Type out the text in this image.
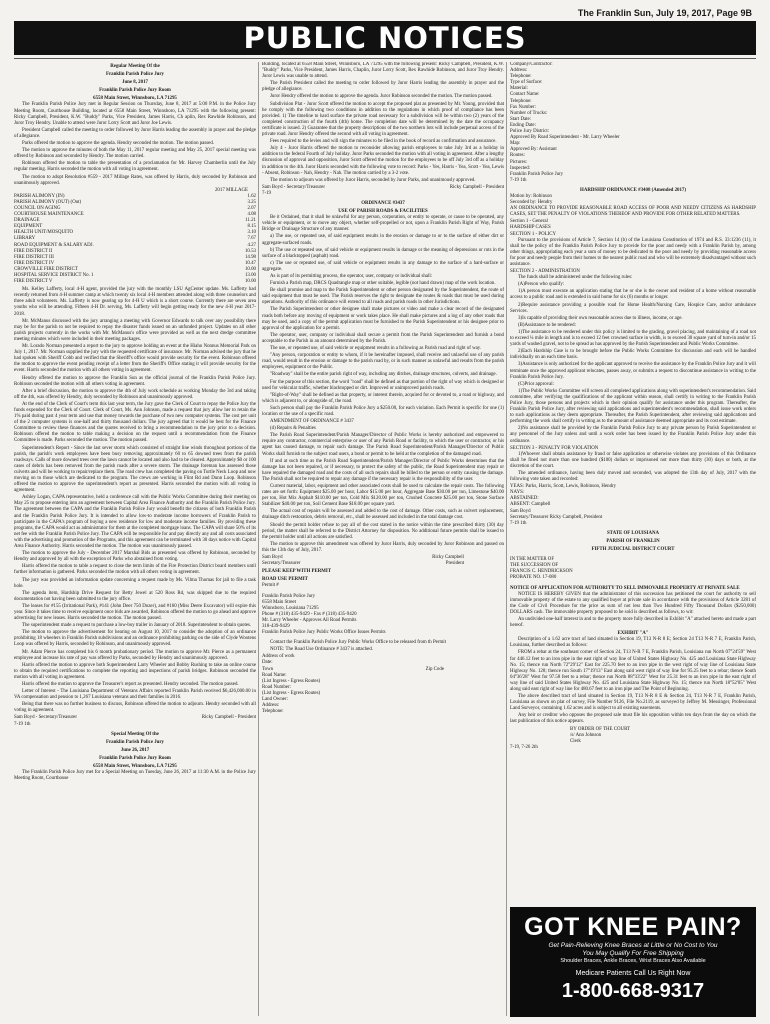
The Franklin Sun, July 19, 2017, Page 9B
PUBLIC NOTICES
Regular Meeting Of the
Franklin Parish Police Jury
June 8, 2017
Franklin Parish Police Jury Room
6558 Main Street, Winnsboro, LA 71295

The Franklin Parish Police Jury met in Regular Session on Thursday, June 8, 2017 at 5:00 P.M. in the Police Jury Meeting Room, Courthouse Building, located at 6558 Main Street, Winnsboro, LA 71295 with the following present: Ricky Campbell, President, K.W. "Buddy" Parks, Vice President, James Harris, Ch aplin, Rex Rawhide Robinson, and Juror Troy Hendry. Unable to attend were Juror Lorry Scott and Juror Joe Lewis.

President Campbell called the meeting to order followed by Juror Harris leading the assembly in prayer and the pledge of allegiance.

Parks offered the motion to approve the agenda. Hendry seconded the motion. The motion passed.

The motion to approve the minutes of both the May 11, 2017 regular meeting and May 25, 2017 special meeting was offered by Robinson and seconded by Hendry. The motion carried.

Robinson offered the motion to table the presentation of a proclamation for Mr. Harvey Chamberlin until the July regular meeting. Harris seconded the motion with all voting in agreement.

The motion to adopt Resolution #559 - 2017 Millage Rates, was offered by Harris, duly seconded by Robinson and unanimously approved.

2017 MILLAGE
PARISH ALIMONY (IN)	1.62
PARISH ALIMONY (OUT) (Out)	3.25
COUNCIL ON AGING	2.07
COURTHOUSE MAINTENANCE	4.08
DRAINAGE	11.21
EQUIPMENT	8.15
HEALTH UNIT/MOSQUITO	3.10
LIBRARY	7.67
ROAD EQUIPMENT & SALARY ADJ.	4.27
FIRE DISTRICT II	10.53
FIRE DISTRICT III	14.98
FIRE DISTRICT IV	10.47
CROWVILLE FIRE DISTRICT	10.00
HOSPITAL SERVICE DISTRICT No. 1	13.00
FIRE DISTRICT V	10.00

Ms. Kelley Lafferty, local 4-H agent, provided the jury with the monthly LSU AgCenter update. Ms. Lafferty had recently returned from 4-H summer camp at which twenty six local 4-H members attended along with three counselors and three adult volunteers. Ms. Lafferty is now gearing up for 4-H U which is a short course. Currently there are seven area youths who will be attending. Fifteen 4-H Dr. serving, Ms. Lafferty will begin getting ready for the new 4-H year 2017-2018.

Mr. McManus discussed with the jury arranging a meeting with Governor Edwards to talk over any possibility there may be for the parish to not be required to repay the disaster funds issued on an unfunded project. Updates on all other parish projects currently in the works with Mr. McManus's office were provided as well as the next dredge committee meeting minutes which were included in their meeting packages.

Mr. Lorado Norman presented a report to the jury to approve holding an event at the Hiaho Nonnus Memorial Park on July 1, 2017. Mr. Norman supplied the jury with the requested certificate of insurance. Mr. Norman advised the jury that he had spoken with Sheriff Cobb and verified that the Sheriff's office would provide security for the event. Robinson offered the motion to approve the event pending receipt of a letter from the Sheriff's Office stating it will provide security for the event. Harris seconded the motion with all others voting in agreement.

Hendry offered the motion to approve the Franklin Sun as the official journal of the Franklin Parish Police Jury. Robinson seconded the motion with all others voting in agreement.

After a brief discussion, the motion to approve the 4th of July work schedule as working Monday the 3rd and taking off the 4th, was offered by Hendry, duly seconded by Robinson and unanimously approved.

At the end of the Clerk of Court's term this last year term, the Jury gave the Clerk of Court to repay the Police Jury the funds expended for the Clerk of Court. Clerk of Court, Ms. Ann Johnson, made a request that jury allow her to retain the 1% paid during past 4 year term and use that money towards the purchase of two new computer systems. The cost per unit of the 2 computer systems is one-half and thirty thousand dollars. The jury agreed that it would be best for the Finance Committee to review these finances and the quotes received to bring a recommendation to the jury prior to a decision. Robinson offered the motion to table making a decision on the request until a recommendation from the Finance Committee is made. Parks seconded the motion. The motion passed.

Superintendent's Report - Since the last sever storm which consisted of straight line winds throughout portions of the parish, the parish's work employees have been busy removing approximately 60 to 65 downed trees from the parish roadways. Calls of more downed trees over the lawn cannot be located and also had to be cleared. Approximately $0 or 100 cases of debris has been removed from the parish roads after a severe storm. The drainage foreman has assessed those culverts and will be working to repair/replace them. The road crew has completed the paving on Turtle Neck Loop and now moving on to those which are dedicated to the program. The crews are working in Flint Rd and Dunn Loop. Robinson offered the motion to approve the superintendent's report as presented. Harris seconded the motion with all voting in agreement.

Ashley Logan, CAPA representative, held a conference call with the Public Works Committee during their meeting on May 25 to propose entering into an agreement between Capital Area Finance Authority and the Franklin Parish Police Jury. The agreement between the CAPA and the Franklin Parish Police Jury would benefit the citizens of both Franklin Parish and the Franklin Parish Police Jury. It is intended to allow low-to moderate income borrowers of Franklin Parish to participate in the CAPA's program of buying a new residence for low and moderate income families. By providing these programs, the CAPA would act as administrator for them at the completed mortgage loans. The CAPA will share 50% of its net fee with the Franklin Parish Police Jury. The CAPA will be responsible for and pay directly any and all costs associated with the advertising and promotion of the Programs, and this agreement can be terminated with 30 days notice with Capital Area Finance Authority. Harris seconded the motion. The motion was unanimously passed.

The motion to approve the July - December 2017 Marshal Bids as presented was offered by Robinson, seconded by Hendry and approved by all with the exception of Parks who abstained from voting.

Harris offered the motion to table a request to close the term limits of the Fire Protection District board members until further information is gathered. Parks seconded the motion with all others voting in agreement.

The jury was provided an information update concerning a request made by Ms. Vilma Thomas for jail to file a task hole.

The agenda item, Hardship Drive Request for Betty Jewel at 520 Ross Rd, was skipped due to the required documentation not having been submitted to the jury office.

The leases for #155 (Irritational Park), #141 (John Deer 750 Dozer), and #160 (Miss Deere Excavator) will expire this year. Since it takes time to receive equipment once bids are awarded, Robinson offered the motion to go ahead and approve advertising for new leases. Harris seconded the motion. The motion passed.

The superintendent made a request to purchase a low-boy trailer in January of 2018. Superintendent to obtain quotes.

The motion to approve the advertisement for hearing on August 10, 2017 to consider the adoption of an ordinance prohibiting 18 wheelers in Franklin Parish subdivisions and an ordinance prohibiting parking on the side of Clyde Wootens Loop was offered by Harris, seconded by Robinson, and unanimously approved.

Mr. Adam Pierce has completed his 6 month probationary period. The motion to approve Mr. Pierce as a permanent employee and increase his rate of pay was offered by Parks, seconded by Hendry and unanimously approved.

Harris offered the motion to approve both Superintendent Larry Wheeler and Bobby Rushing to take an online course to obtain the required certifications to complete the reporting and inspections of parish bridges. Robinson seconded the motion with all voting in agreement.

Harris offered the motion to approve the Treasurer's report as presented. Hendry seconded. The motion passed.

Letter of Interest - The Louisiana Department of Veterans Affairs reported Franklin Parish received $6,426,000.00 in VA compensation and pension to 1,267 Louisiana veterans and their families in 2016.

Being that there was no further business to discuss, Robinson offered the motion to adjourn. Hendry seconded with all voting in agreement.

Sam Boyd - Secretary/Treasurer	Ricky Campbell - President
7-19 1th
Special Meeting Of the
Franklin Parish Police Jury
June 26, 2017
Franklin Parish Police Jury Room
6558 Main Street, Winnsboro, LA 71295

The Franklin Parish Police Jury met for a Special Meeting on Tuesday, June 26, 2017 at 11:30 A.M. in the Police Jury Meeting Room, Courthouse

Building, located at 6558 Main Street, Winnsboro, LA 71295 with the following present: Ricky Campbell, President, K.W. "Buddy" Parks, Vice President, James Harris, Chaplin, Juror Lorry Scott, Rex Rawhide Robinson, and Juror Troy Hendry. Juror Lewis was unable to attend.

The Parish President called the meeting to order followed by Juror Harris leading the assembly in prayer and the pledge of allegiance.

Juror Hendry offered the motion to approve the agenda. Juror Robinson seconded the motion. The motion passed.

Subdivision Plat - Juror Scott offered the motion to accept the proposed plat as presented by Mr. Young, provided that he comply with the following two conditions in addition to the regulations in which proof of compliance has been provided. 1) The timeline to hard surface the private road necessary for a subdivision will be within two (2) years of the completed construction of the fourth (4th) home. The completion date will be determined by the date the occupancy certificate is issued. 2) Guarantee that the property descriptions of the two northern lots will include perpetual access of the private road. Juror Hendry offered the second with all voting in agreement.

Fees required to the levies and will sign the minutes to be filed in the book of record as confirmation and assurance.

July 4 - Juror Harris offered the motion to reconsider allowing parish employees to take July 3rd as a holiday in addition to the federal Fourth of July holiday. Juror Parks seconded the motion with all voting in agreement. After a lengthy discussion of approval and opposition, Juror Scott offered the motion for the employees to be off July 3rd off as a holiday in addition to the 4th. Juror Harris seconded with the following vote to record: Parks - Yes, Harris - Yea, Scott - Yea, Lewis - Absent, Robinson - Nah, Hendry - Nah. The motion carried by a 3-2 vote.

The motion to adjourn was offered by Juror Harris, seconded by Juror Parks, and unanimously approved.

Sam Boyd - Secretary/Treasurer	Ricky Campbell - President
7-19
ORDINANCE #3437
USE OF PARISH ROADS & FACILITIES

Be it Ordained, that it shall be unlawful for any person, corporation, or entity to operate, or cause to be operated, any vehicle or equipment, or to move any object, whether self-propelled or not, upon a Franklin Parish Right of Way, Parish Bridge or Drainage Structure of any manner.

a) The use, or repeated use, of said equipment results in the erosion or damage to or to the surface of either dirt or aggregate-surfaced roads.

b) The use or repeated use, of said vehicle or equipment results in damage or the meaning of depressions or ruts in the surface of a blacktopped (asphalt) road.

c) The use or repeated use, of said vehicle or equipment results in any damage to the surface of a hard-surface or aggregate.

As is part of its permitting process, the operator, user, company or individual shall:

Furnish a Parish map, DRCS Quadrangle map or other suitable, legible (not hand drawn) map of the work location.

Be shall promise and map to the Parish Superintendent or other person designated by the Superintendent, the route of said equipment that must be used. The Parish reserves the right to designate the routes & roads that must be used during operations. Authority of this ordinance will extend to all roads and parish roads in other Jurisdictions.

The Parish Superintendent or other designee shall make pictures or video and make a clear record of the designated roads both before any moving of equipment or work takes place. He shall make pictures and a log of any other roads that may be used, and a copy of the permit application must be furnished to the Parish Superintendent or his designee prior to approval of the application for a permit.

The operator, user, company or individual shall secure a permit from the Parish Superintendent and furnish a bond acceptable to the Parish in an amount determined by the Parish.

The use, or repeated use, of said vehicle or equipment results in a following as Parish road and right of way.

"Any person, corporation or entity to whom, if it be hereinafter imposed, shall receive and unlawful use of any parish road, would result in the erosion or damage to the parish road by, or in such manner as unlawful and results from the parish employees, equipment or the Public.

"Roadway" shall be the entire parish right of way, including any ditches, drainage structures, culverts, and drainage.

For the purpose of this section, the word "road" shall be defined as that portion of the right of way which is designed or used for vehicular traffic, whether blacktopped or dirt. Improved or unimproved parish roads.

"Right-of-Way" shall be defined as that property, or interest therein, acquired for or devoted to, a road or highway, and which is adjacent to, or alongside of, the road.

Such person shall pay the Franklin Parish Police Jury a $250.00, for each violation. Each Permit is specific for one (1) location or the use of a specific road.

AMENDMENT OF ORDINANCE # 3437

(d) Repairs & Penalties

The Parish Road Superintendent/Parish Manager/Director of Public Works is hereby authorized and empowered to require any contractor, commercial enterprise or user of any Parish Road or facility, to which the user or contractor, or his agent has caused damage, to repair such damage. The Parish Road Superintendent/Parish Manager/Director of Public Works shall furnish to the subject road users, a bond or permit to be held at the completion of the damaged road.

If and at such time as the Parish Road Superintendent/Parish Manager/Director of Public Works determines that the damage has not been repaired, or if necessary, to protect the safety of the public, the Road Superintendent may repair or have repaired the damaged road and the costs of all such repairs shall be billed to the person or entity causing the damage. The Parish shall not be required to repair any damage if the necessary repair is the responsibility of the user.

Current material, labor, equipment and other associated costs shall be used to calculate the repair costs. The following rates are set forth: Equipment $25.00 per hour, Labor $15.00 per hour, Aggregate Base $30.00 per ton, Limestone $40.00 per ton, Hot Mix Asphalt $110.00 per ton, Cold Mix $120.00 per ton, Crushed Concrete $25.00 per ton, Stone Surface Stabilizer $40.00 per ton, Soil Cement Base $18.00 per square yard.

The actual cost of repairs will be assessed and added to the cost of damage. Other costs, such as culvert replacement, drainage ditch restoration, debris removal, etc., shall be assessed and included in the total damage cost.

Should the permit holder refuse to pay all of the cost stated in the notice within the time prescribed thirty (30) day period, the matter shall be referred to the District Attorney for disposition. No additional future permits shall be issued to the permit holder until all actions are satisfied.

The motion to approve this amendment was offered by Juror Harris, duly seconded by Juror Robinson and passed on this the 13th day of July, 2017.

Sam Boyd	Ricky Campbell
Secretary/Treasurer	President
PLEASE KEEP WITH PERMIT
ROAD USE PERMIT
Permit #
Franklin Parish Police Jury
6558 Main Street
Winnsboro, Louisiana 71295
Phone # (318) 435-9429 - Fax # (318) 435-9420
Mr. Larry Wheeler - Approves All Road Permits
318-439-9429
Franklin Parish Police Jury Public Works Office Issues Permits

Contact the Franklin Parish Police Jury Public Works Office to be released from th Permit

NOTE: The Road Use Ordinance # 3437 is attached.

Address of work
Date:
Town	Zip Code
Road Name:
(List Ingress - Egress Routes)
Road Number:
(List Ingress - Egress Routes)
Land Owner:
Address:
Telephone:
Company/Contractor:
Address:
Telephone:
Type of Surface:
Material:
Contact Name:
Telephone:
Fax Number:
Number of Trucks:
Start Date:
Ending Date:
Police Jury District:
Approved By Road Superintendent - Mr. Larry Wheeler
Map:
Approved By: Assistant
Routes:
Pictures:
Inspected:
Franklin Parish Police Jury
7-19 1th
HARDSHIP ORDINANCE #3408 (Amended 2017)
Motion by: Robinson
Seconded by: Hendry

AN ORDINANCE TO PROVIDE REASONABLE ROAD ACCESS OF POOR AND NEEDY CITIZENS AS HARDSHIP CASES, SET THE PENALTY OF VIOLATIONS THEREOF AND PROVIDE FOR OTHER RELATED MATTERS.

Section 1 - General
HARDSHIP CASES
SECTION 1 - POLICY

Pursuant to the provisions of Article 7, Section 14 (b) of the Louisiana Constitution of 1974 and R.S. 33:1236 (11), it shall be the policy of the Franklin Parish Police Jury to provide for the poor and needy with a Franklin Parish by, among other things, appropriating each year a sum of money to be dedicated to the poor and needy by providing reasonable access for poor and needy people from their homes to the nearest public road and who will be extremely disadvantaged without such assistance.

SECTION 2 - ADMINISTRATION

The funds shall be administered under the following rules:

(A)Person who qualify:

1)A person must execute an application stating that he or she is the owner and resident of a home without reasonable access to a public road and is extended in said home for six (6) months or longer.

2)Require assistance providing a possible road for Home Health/Nursing Care, Hospice Care, and/or ambulance Services.

3)Is capable of providing their own reasonable access due to illness, income, or age.

(B)Assistance to be rendered:

1)The assistance to be rendered under this policy is limited to the grading, gravel placing, and maintaining of a road not to exceed ¼ mile in length and is to exceed 12 feet crowned surface in width, is to exceed 30 square yard of turn-in and/or 15 yards of washed gravel, not to be spread as has approved by the Parish Superintendent and Public Works Committee.

2)Each Hardship Case is to be brought before the Public Works Committee for discussion and each will be handled individually on an each time basis.

3)Assistance is only authorized for the applicant approved to receive the assistance by the Franklin Police Jury and it will terminate once the approved applicant relocates, passes away, or submits a request to discontinue assistance in writing to the Franklin Parish Police Jury.

(C)Prior approval:

1)The Public Works Committee will screen all completed applications along with superintendent's recommendation. Said committee, after verifying the qualifications of the applicant within reason, shall certify in writing to the Franklin Parish Police Jury, those persons and projects which in their opinion qualify for assistance under this program. Thereafter, the Franklin Parish Police Jury, after reviewing said applications and superintendent's recommendation, shall issue work orders to such applications as they deem appropriate. Thereafter, the Parish Superintendent, after reviewing said applications and performing the work shall certify in writing as to the amount of assistance deemed appropriate and its cost estimate.

2)No assistance shall be provided by the Franklin Parish Police Jury to any private person by Parish Superintendent or any personnel of the Jury unless and until a work order has been issued by the Franklin Parish Police Jury under this ordinance.

SECTION 3 - PENALTY FOR VIOLATION

1)Whoever shall obtain assistance by fraud or false application or otherwise violates any provisions of this Ordinance shall be fined not more than one hundred ($100) dollars or imprisoned not more than thirty (30) days or both, at the discretion of the court.

The amended ordinance, having been duly moved and seconded, was adopted the 13th day of July, 2017 with the following vote taken and recorded:

YEAS: Parks, Harris, Scott, Lewis, Robinson, Hendry
NAYS:
ABSTAINED:
ABSENT: Campbell
Sam Boyd
Secretary/Treasurer Ricky Campbell, President
7-19 1th
STATE OF LOUISIANA
PARISH OF FRANKLIN
FIFTH JUDICIAL DISTRICT COURT
IN THE MATTER OF
THE SUCCESSION OF
FRANCIS C. HENDRICKSON
PROBATE NO. 17-080
NOTICE OF APPLICATION FOR AUTHORITY TO SELL IMMOVABLE PROPERTY AT PRIVATE SALE

NOTICE IS HEREBY GIVEN that the administrator of this succession has petitioned the court for authority to sell immovable property of the estate to any qualified buyer at private sale in accordance with the provisions of Article 3281 of the Code of Civil Procedure for the price as sum of not less than Two Hundred Fifty Thousand Dollars ($250,000) DOLLARS cash. The immovable property proposed to be sold is described as follows, to wit:

An undivided one-half interest in and to the property more fully described in Exhibit "A" attached hereto and made a part hereof.

EXHIBIT "A"

Description of a 1.62 acre tract of land situated in Section 19, T13 N-R 8 E; Section 24 T13 N-R 7 E, Franklin Parish, Louisiana, further described as follows:

FROM a rebar at the southeast corner of Section 24, T13 N-R 7 E, Franklin Parish, Louisiana run North 07°24'59" West for 446.12 feet to an iron pipe in the east right of way line of United States Highway No. 425 and Louisiana State Highway No. 15; thence run North 72°29'12" East for 225.70 feet to an iron pipe in the west right of way line of Louisiana State Highway No. 128; thence run South 17°19'13" East along said west right of way line for 95.25 feet to a rebar; thence South 04°36'28" West for 97.58 feet to a rebar; thence run North 88°33'22" West for 25.31 feet to an iron pipe in the east right of way line of said United States Highway No. 425 and Louisiana State Highway No. 15; thence run North 18°52'05" West along said east right of way line for 480.67 feet to an iron pipe and The Point of Beginning.

The above described tract of land situated in Section 19, T13 N-R 8 E & Section 24, T13 N-R 7 E, Franklin Parish, Louisiana as shown on plat of survey, File Number 9126, File No.2119, as surveyed by Jeffrey M. Messinger, Professional Land Surveyor, containing 1.62 acres and is subject to all existing easements.

Any heir or creditor who opposes the proposed sale must file his opposition within ten days from the day on which the last publication of this notice appears.

BY ORDER OF THE COURT
/s/ Ann Johnson
Clerk
7-19, 7-26 2th
GOT KNEE PAIN?
Get Pain-Relieving Knee Braces at Little or No Cost to You
You May Qualify For Free Shipping
Shoulder Braces, Ankle Braces, Wrist Braces Also Available
Medicare Patients Call Us Right Now
1-800-668-9317
